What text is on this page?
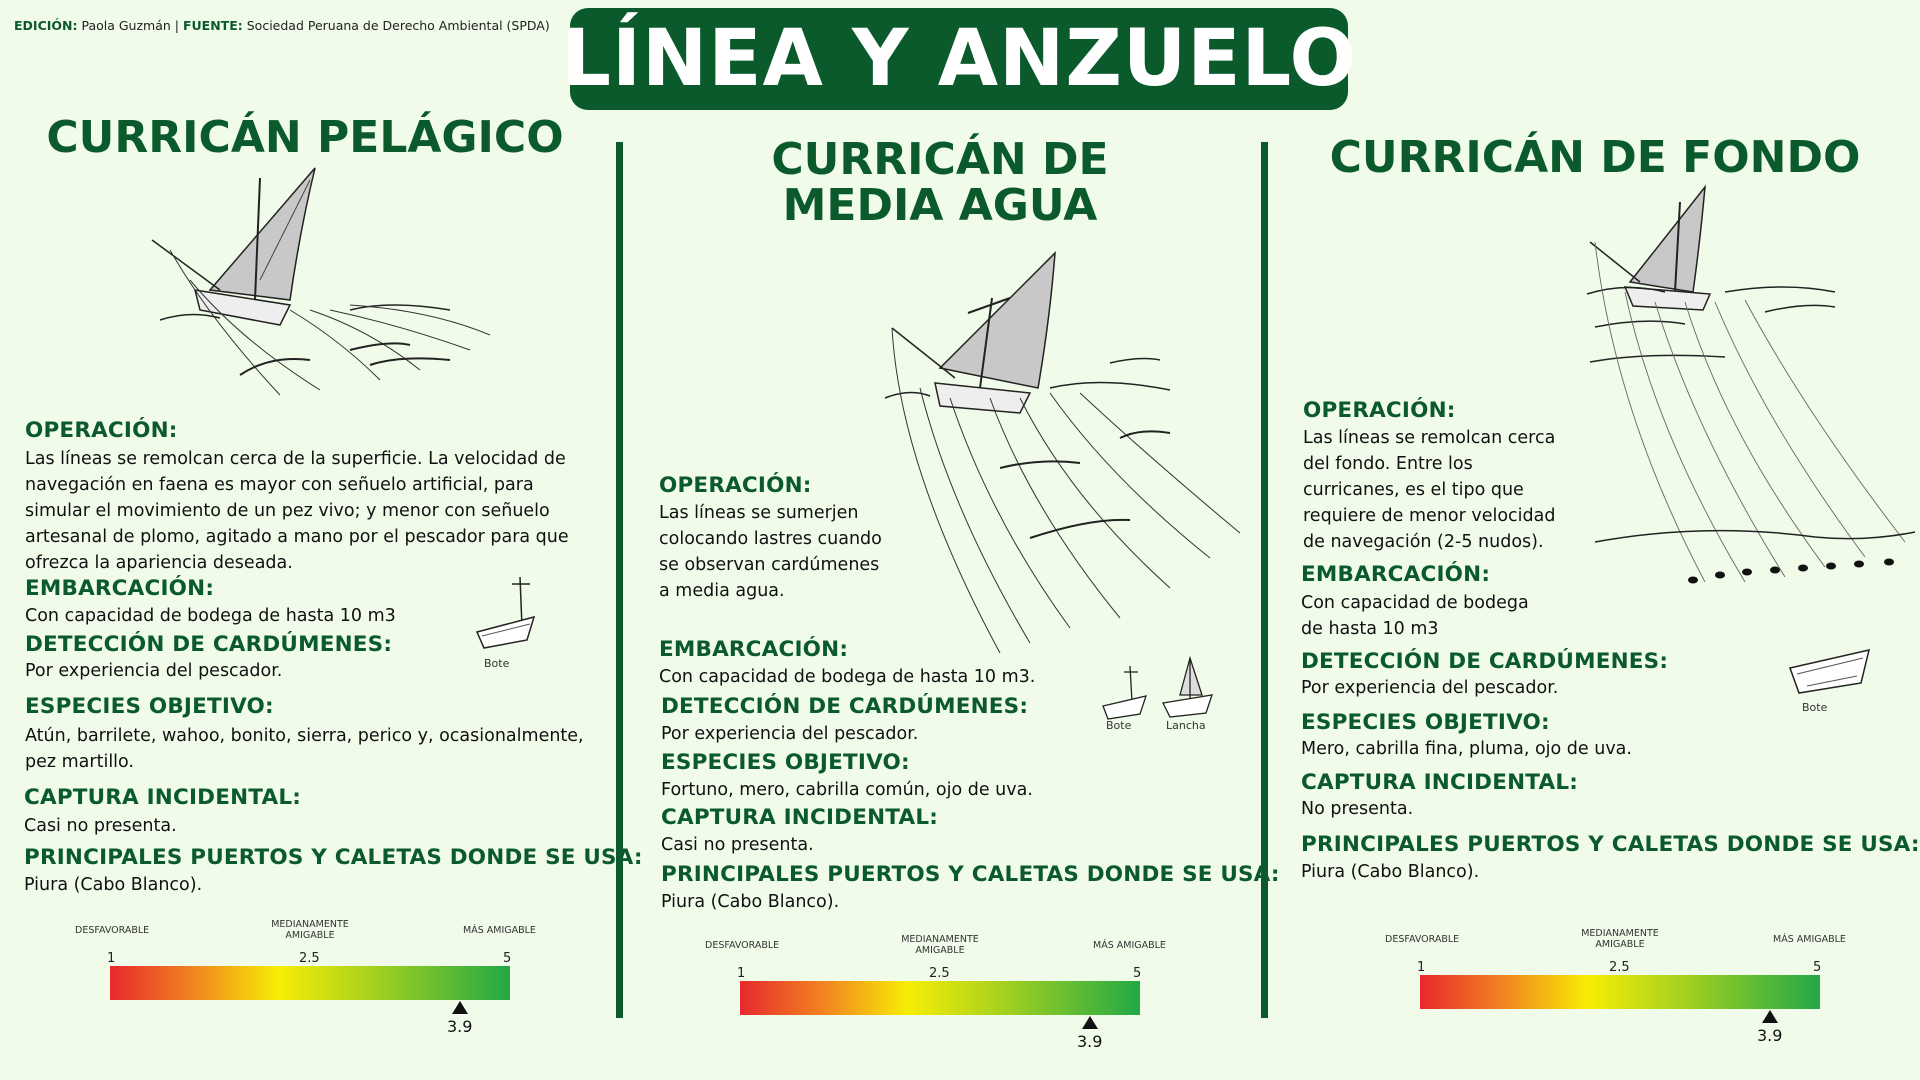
EDICIÓN: Paola Guzmán | FUENTE: Sociedad Peruana de Derecho Ambiental (SPDA) LÍNEA Y ANZUELO
CURRICÁN PELÁGICO
OPERACIÓN:
Las líneas se remolcan cerca de la superficie. La velocidad de navegación en faena es mayor con señuelo artificial, para simular el movimiento de un pez vivo; y menor con señuelo artesanal de plomo, agitado a mano por el pescador para que ofrezca la apariencia deseada.
EMBARCACIÓN:
Con capacidad de bodega de hasta 10 m3
Bote
DETECCIÓN DE CARDÚMENES:
Por experiencia del pescador.
ESPECIES OBJETIVO:
Atún, barrilete, wahoo, bonito, sierra, perico y, ocasionalmente, pez martillo.
CAPTURA INCIDENTAL:
Casi no presenta.
PRINCIPALES PUERTOS Y CALETAS DONDE SE USA:
Piura (Cabo Blanco).
DESFAVORABLE
MEDIANAMENTE
AMIGABLE	MÁS AMIGABLE
1	2.5	5
3.9
CURRICÁN DE
MEDIA AGUA
OPERACIÓN:
Las líneas se sumerjen colocando lastres cuando se observan cardúmenes a media agua.
EMBARCACIÓN:
Con capacidad de bodega de hasta 10 m3.
Bote	Lancha
DETECCIÓN DE CARDÚMENES:
Por experiencia del pescador.
ESPECIES OBJETIVO:
Fortuno, mero, cabrilla común, ojo de uva.
CAPTURA INCIDENTAL:
Casi no presenta.
PRINCIPALES PUERTOS Y CALETAS DONDE SE USA:
Piura (Cabo Blanco).
DESFAVORABLE
MEDIANAMENTE
AMIGABLE	MÁS AMIGABLE
1	2.5	5
3.9
CURRICÁN DE FONDO
OPERACIÓN:
Las líneas se remolcan cerca del fondo. Entre los curricanes, es el tipo que requiere de menor velocidad de navegación (2-5 nudos).
EMBARCACIÓN:
Con capacidad de bodega de hasta 10 m3
Bote
DETECCIÓN DE CARDÚMENES:
Por experiencia del pescador.
ESPECIES OBJETIVO:
Mero, cabrilla fina, pluma, ojo de uva.
CAPTURA INCIDENTAL:
No presenta.
PRINCIPALES PUERTOS Y CALETAS DONDE SE USA:
Piura (Cabo Blanco).
DESFAVORABLE
MEDIANAMENTE
AMIGABLE	MÁS AMIGABLE
1	2.5	5
3.9
